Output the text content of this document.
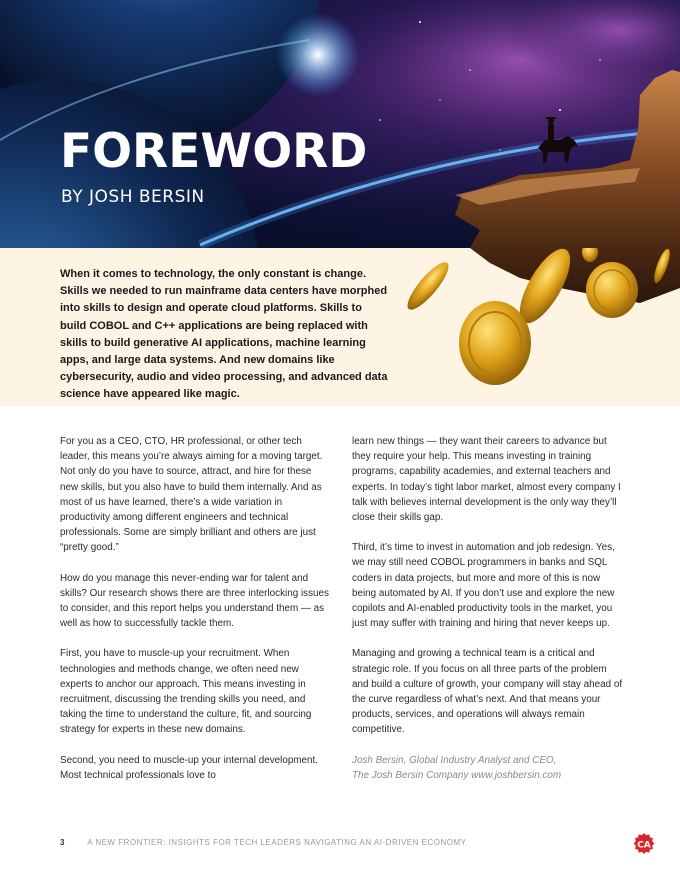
FOREWORD

BY JOSH BERSIN

When it comes to technology, the only constant is change. Skills we needed to run mainframe data centers have morphed into skills to design and operate cloud platforms. Skills to build COBOL and C++ applications are being replaced with skills to build generative AI applications, machine learning apps, and large data systems. And new domains like cybersecurity, audio and video processing, and advanced data science have appeared like magic.

For you as a CEO, CTO, HR professional, or other tech leader, this means you’re always aiming for a moving target. Not only do you have to source, attract, and hire for these new skills, but you also have to build them internally. And as most of us have learned, there’s a wide variation in productivity among different engineers and technical professionals. Some are simply brilliant and others are just “pretty good.”

How do you manage this never-ending war for talent and skills? Our research shows there are three interlocking issues to consider, and this report helps you understand them — as well as how to successfully tackle them.

First, you have to muscle-up your recruitment. When technologies and methods change, we often need new experts to anchor our approach. This means investing in recruitment, discussing the trending skills you need, and taking the time to understand the culture, fit, and sourcing strategy for experts in these new domains.

Second, you need to muscle-up your internal development. Most technical professionals love to

learn new things — they want their careers to advance but they require your help. This means investing in training programs, capability academies, and external teachers and experts. In today’s tight labor market, almost every company I talk with believes internal development is the only way they’ll close their skills gap.

Third, it’s time to invest in automation and job redesign. Yes, we may still need COBOL programmers in banks and SQL coders in data projects, but more and more of this is now being automated by AI. If you don’t use and explore the new copilots and AI-enabled productivity tools in the market, you just may suffer with training and hiring that never keeps up.

Managing and growing a technical team is a critical and strategic role. If you focus on all three parts of the problem and build a culture of growth, your company will stay ahead of the curve regardless of what’s next. And that means your products, services, and operations will always remain competitive.

Josh Bersin, Global Industry Analyst and CEO,
The Josh Bersin Company www.joshbersin.com

3	A NEW FRONTIER: INSIGHTS FOR TECH LEADERS NAVIGATING AN AI-DRIVEN ECONOMY	CA
